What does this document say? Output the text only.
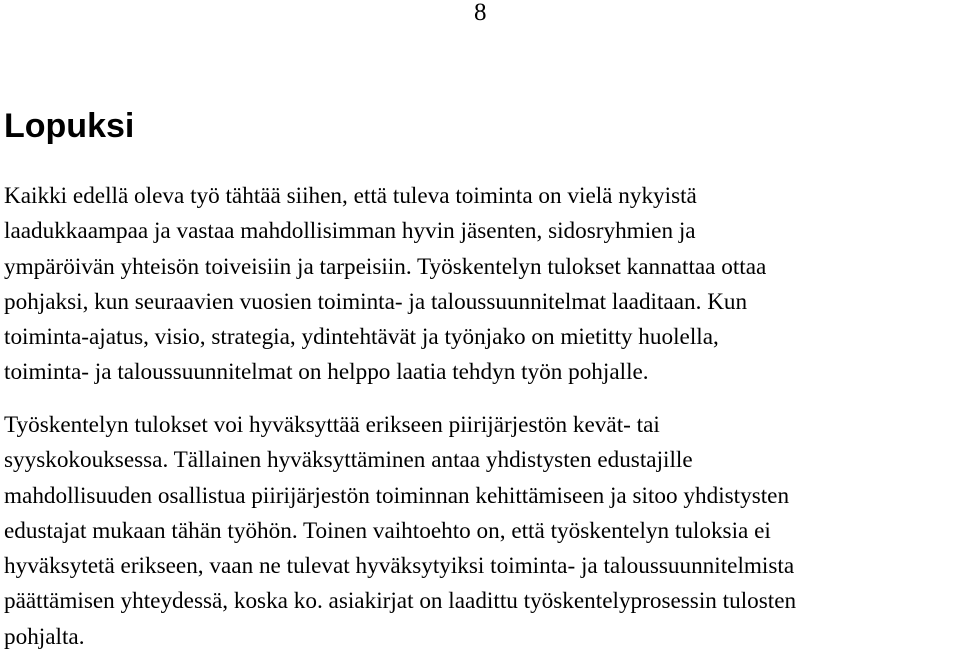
8
Lopuksi

Kaikki edellä oleva työ tähtää siihen, että tuleva toiminta on vielä nykyistä
laadukkaampaa ja vastaa mahdollisimman hyvin jäsenten, sidosryhmien ja
ympäröivän yhteisön toiveisiin ja tarpeisiin. Työskentelyn tulokset kannattaa ottaa
pohjaksi, kun seuraavien vuosien toiminta- ja taloussuunnitelmat laaditaan. Kun
toiminta-ajatus, visio, strategia, ydintehtävät ja työnjako on mietitty huolella,
toiminta- ja taloussuunnitelmat on helppo laatia tehdyn työn pohjalle.

Työskentelyn tulokset voi hyväksyttää erikseen piirijärjestön kevät- tai
syyskokouksessa. Tällainen hyväksyttäminen antaa yhdistysten edustajille
mahdollisuuden osallistua piirijärjestön toiminnan kehittämiseen ja sitoo yhdistysten
edustajat mukaan tähän työhön. Toinen vaihtoehto on, että työskentelyn tuloksia ei
hyväksytetä erikseen, vaan ne tulevat hyväksytyiksi toiminta- ja taloussuunnitelmista
päättämisen yhteydessä, koska ko. asiakirjat on laadittu työskentelyprosessin tulosten
pohjalta.
